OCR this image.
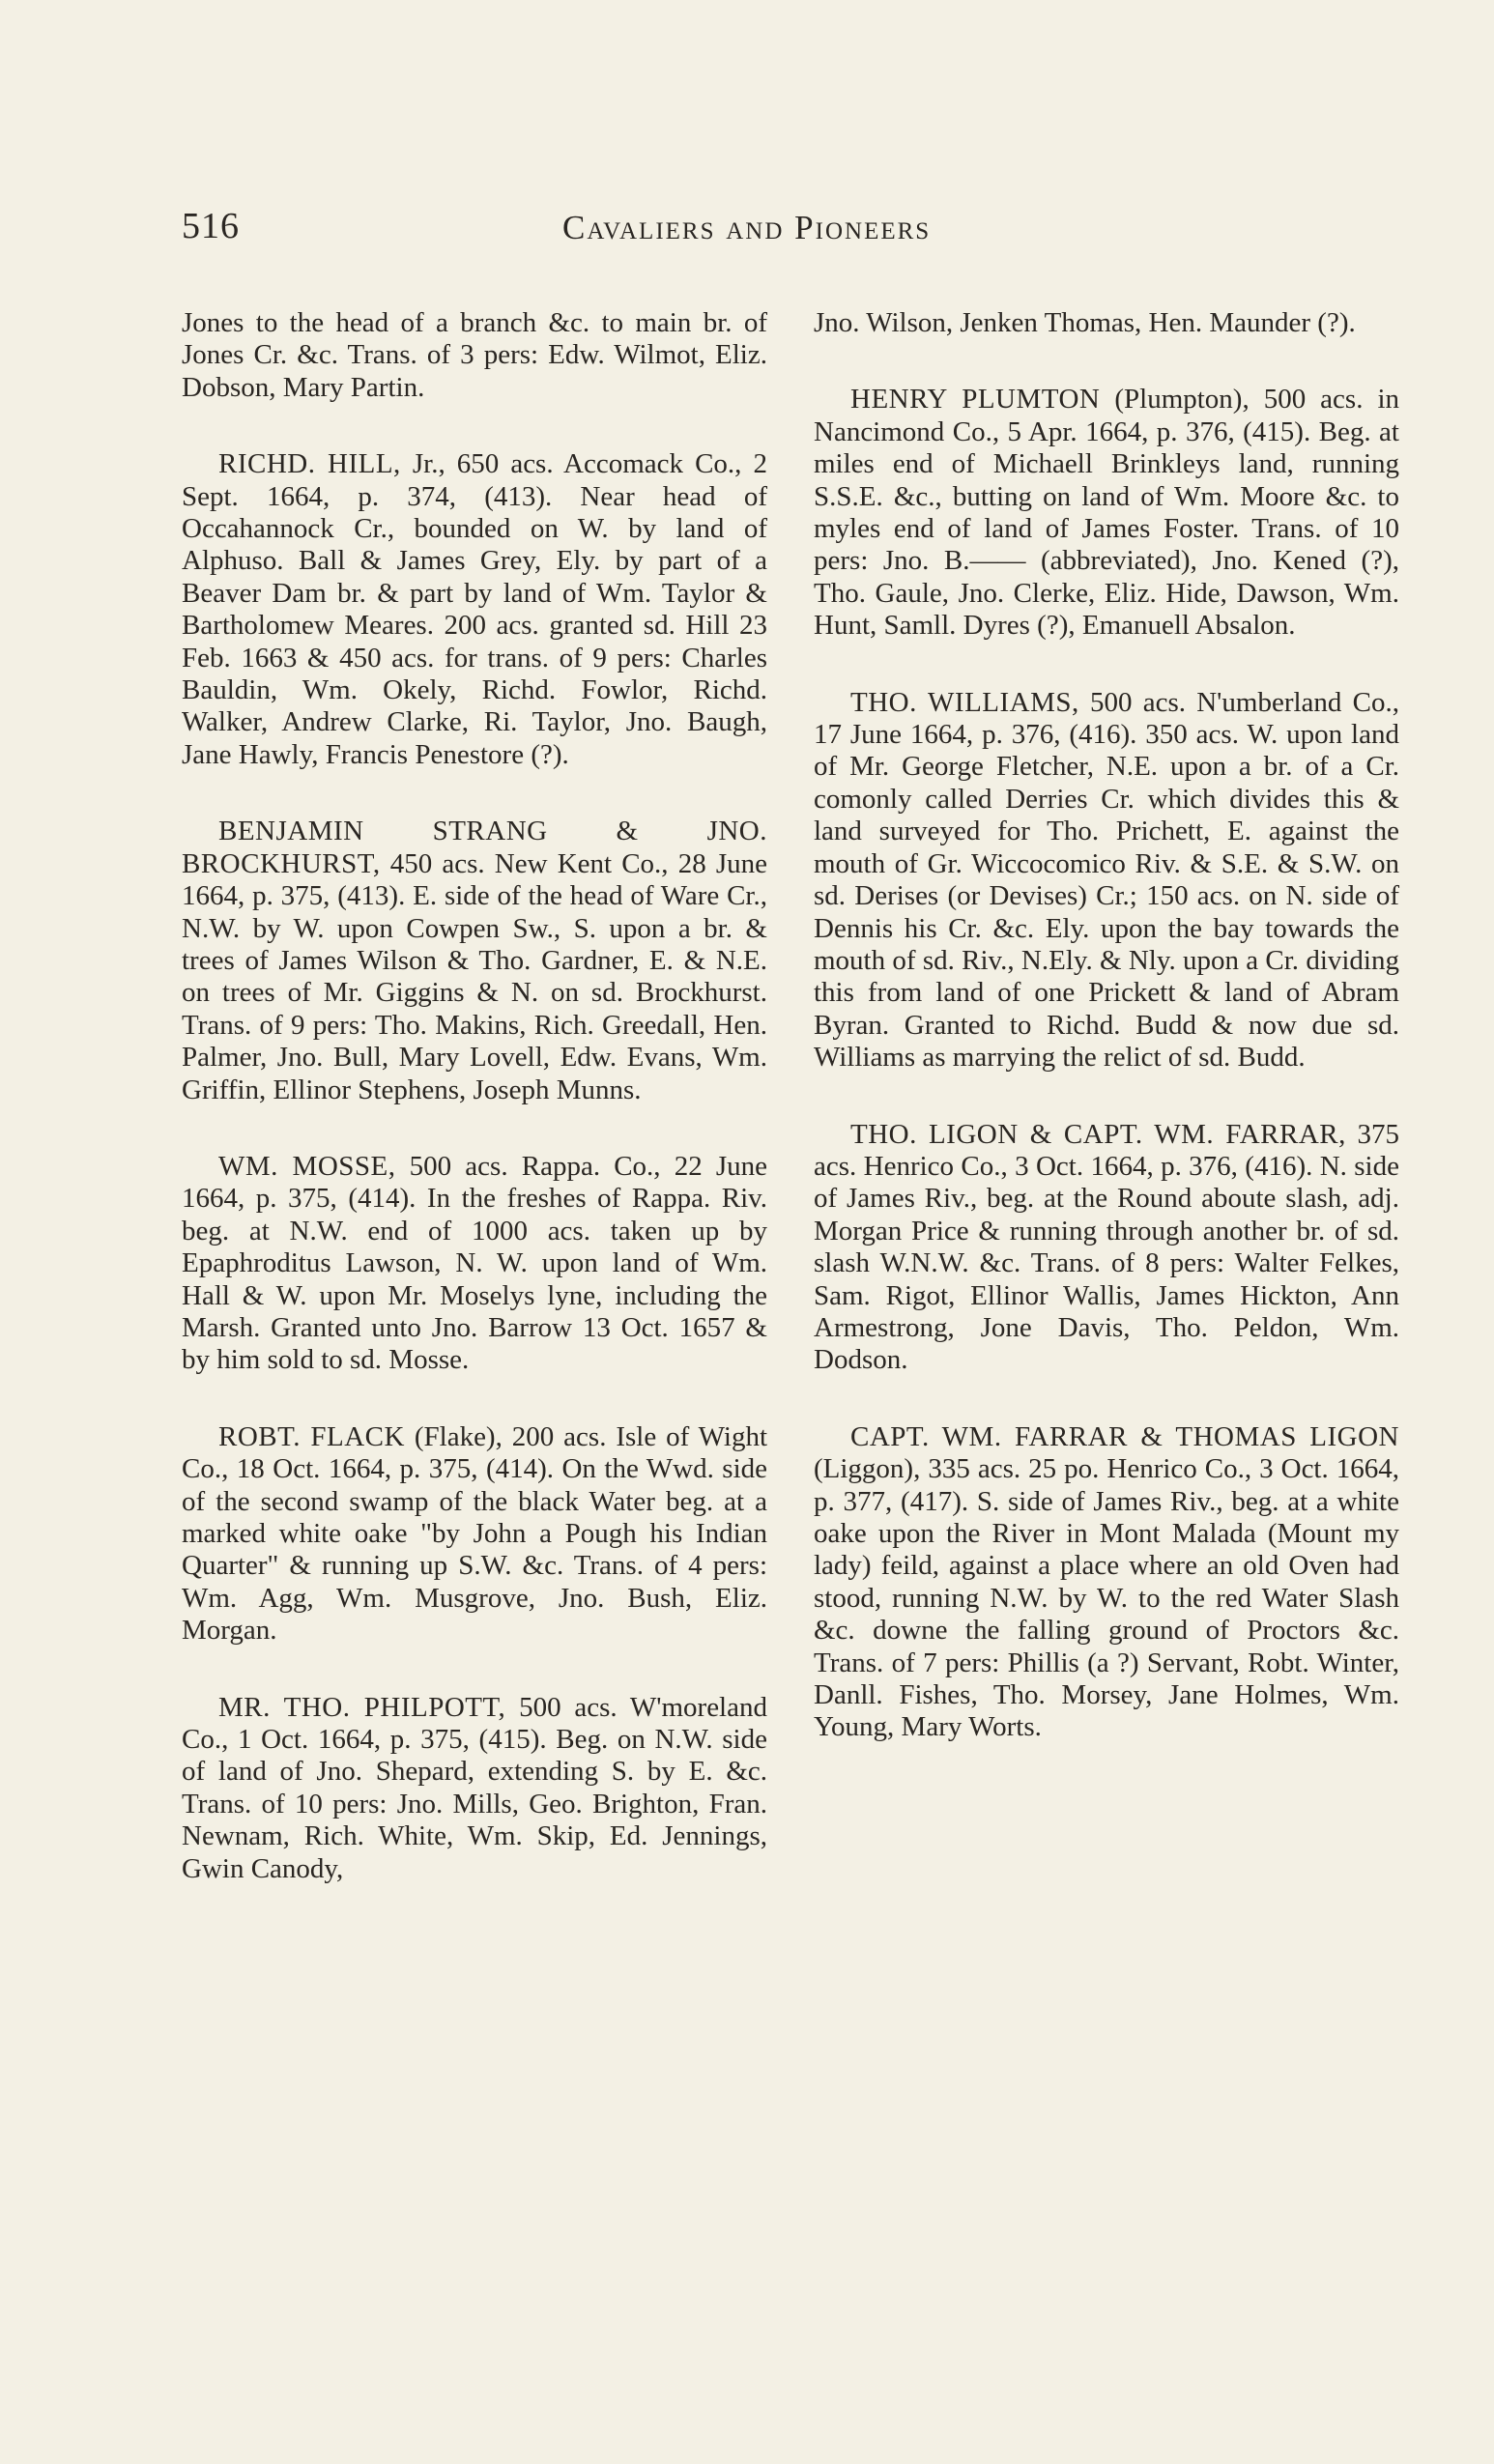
516	Cavaliers and Pioneers

Jones to the head of a branch &c. to main br. of Jones Cr. &c. Trans. of 3 pers: Edw. Wilmot, Eliz. Dobson, Mary Partin.

RICHD. HILL, Jr., 650 acs. Accomack Co., 2 Sept. 1664, p. 374, (413). Near head of Occahannock Cr., bounded on W. by land of Alphuso. Ball & James Grey, Ely. by part of a Beaver Dam br. & part by land of Wm. Taylor & Bartholomew Meares. 200 acs. granted sd. Hill 23 Feb. 1663 & 450 acs. for trans. of 9 pers: Charles Bauldin, Wm. Okely, Richd. Fowlor, Richd. Walker, Andrew Clarke, Ri. Taylor, Jno. Baugh, Jane Hawly, Francis Penestore (?).

BENJAMIN STRANG & JNO. BROCKHURST, 450 acs. New Kent Co., 28 June 1664, p. 375, (413). E. side of the head of Ware Cr., N.W. by W. upon Cowpen Sw., S. upon a br. & trees of James Wilson & Tho. Gardner, E. & N.E. on trees of Mr. Giggins & N. on sd. Brockhurst. Trans. of 9 pers: Tho. Makins, Rich. Greedall, Hen. Palmer, Jno. Bull, Mary Lovell, Edw. Evans, Wm. Griffin, Ellinor Stephens, Joseph Munns.

WM. MOSSE, 500 acs. Rappa. Co., 22 June 1664, p. 375, (414). In the freshes of Rappa. Riv. beg. at N.W. end of 1000 acs. taken up by Epaphroditus Lawson, N. W. upon land of Wm. Hall & W. upon Mr. Moselys lyne, including the Marsh. Granted unto Jno. Barrow 13 Oct. 1657 & by him sold to sd. Mosse.

ROBT. FLACK (Flake), 200 acs. Isle of Wight Co., 18 Oct. 1664, p. 375, (414). On the Wwd. side of the second swamp of the black Water beg. at a marked white oake "by John a Pough his Indian Quarter" & running up S.W. &c. Trans. of 4 pers: Wm. Agg, Wm. Musgrove, Jno. Bush, Eliz. Morgan.

MR. THO. PHILPOTT, 500 acs. W'moreland Co., 1 Oct. 1664, p. 375, (415). Beg. on N.W. side of land of Jno. Shepard, extending S. by E. &c. Trans. of 10 pers: Jno. Mills, Geo. Brighton, Fran. Newnam, Rich. White, Wm. Skip, Ed. Jennings, Gwin Canody,

Jno. Wilson, Jenken Thomas, Hen. Maunder (?).

HENRY PLUMTON (Plumpton), 500 acs. in Nancimond Co., 5 Apr. 1664, p. 376, (415). Beg. at miles end of Michaell Brinkleys land, running S.S.E. &c., butting on land of Wm. Moore &c. to myles end of land of James Foster. Trans. of 10 pers: Jno. B.—— (abbreviated), Jno. Kened (?), Tho. Gaule, Jno. Clerke, Eliz. Hide, Dawson, Wm. Hunt, Samll. Dyres (?), Emanuell Absalon.

THO. WILLIAMS, 500 acs. N'umberland Co., 17 June 1664, p. 376, (416). 350 acs. W. upon land of Mr. George Fletcher, N.E. upon a br. of a Cr. comonly called Derries Cr. which divides this & land surveyed for Tho. Prichett, E. against the mouth of Gr. Wiccocomico Riv. & S.E. & S.W. on sd. Derises (or Devises) Cr.; 150 acs. on N. side of Dennis his Cr. &c. Ely. upon the bay towards the mouth of sd. Riv., N.Ely. & Nly. upon a Cr. dividing this from land of one Prickett & land of Abram Byran. Granted to Richd. Budd & now due sd. Williams as marrying the relict of sd. Budd.

THO. LIGON & CAPT. WM. FARRAR, 375 acs. Henrico Co., 3 Oct. 1664, p. 376, (416). N. side of James Riv., beg. at the Round aboute slash, adj. Morgan Price & running through another br. of sd. slash W.N.W. &c. Trans. of 8 pers: Walter Felkes, Sam. Rigot, Ellinor Wallis, James Hickton, Ann Armestrong, Jone Davis, Tho. Peldon, Wm. Dodson.

CAPT. WM. FARRAR & THOMAS LIGON (Liggon), 335 acs. 25 po. Henrico Co., 3 Oct. 1664, p. 377, (417). S. side of James Riv., beg. at a white oake upon the River in Mont Malada (Mount my lady) feild, against a place where an old Oven had stood, running N.W. by W. to the red Water Slash &c. downe the falling ground of Proctors &c. Trans. of 7 pers: Phillis (a ?) Servant, Robt. Winter, Danll. Fishes, Tho. Morsey, Jane Holmes, Wm. Young, Mary Worts.
